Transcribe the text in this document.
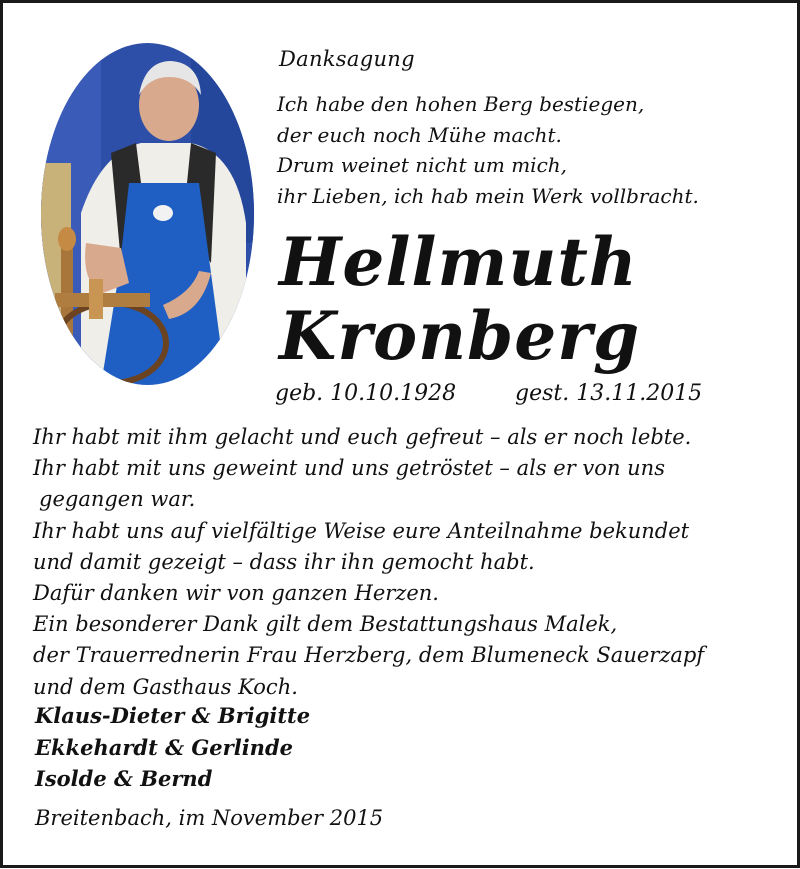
Danksagung
Ich habe den hohen Berg bestiegen,
der euch noch Mühe macht.
Drum weinet nicht um mich,
ihr Lieben, ich hab mein Werk vollbracht.
Hellmuth
Kronberg
geb. 10.10.1928	gest. 13.11.2015
Ihr habt mit ihm gelacht und euch gefreut – als er noch lebte.
Ihr habt mit uns geweint und uns getröstet – als er von uns
gegangen war.
Ihr habt uns auf vielfältige Weise eure Anteilnahme bekundet
und damit gezeigt – dass ihr ihn gemocht habt.
Dafür danken wir von ganzen Herzen.
Ein besonderer Dank gilt dem Bestattungshaus Malek,
der Trauerrednerin Frau Herzberg, dem Blumeneck Sauerzapf
und dem Gasthaus Koch.
Klaus-Dieter & Brigitte
Ekkehardt & Gerlinde
Isolde & Bernd
Breitenbach, im November 2015
